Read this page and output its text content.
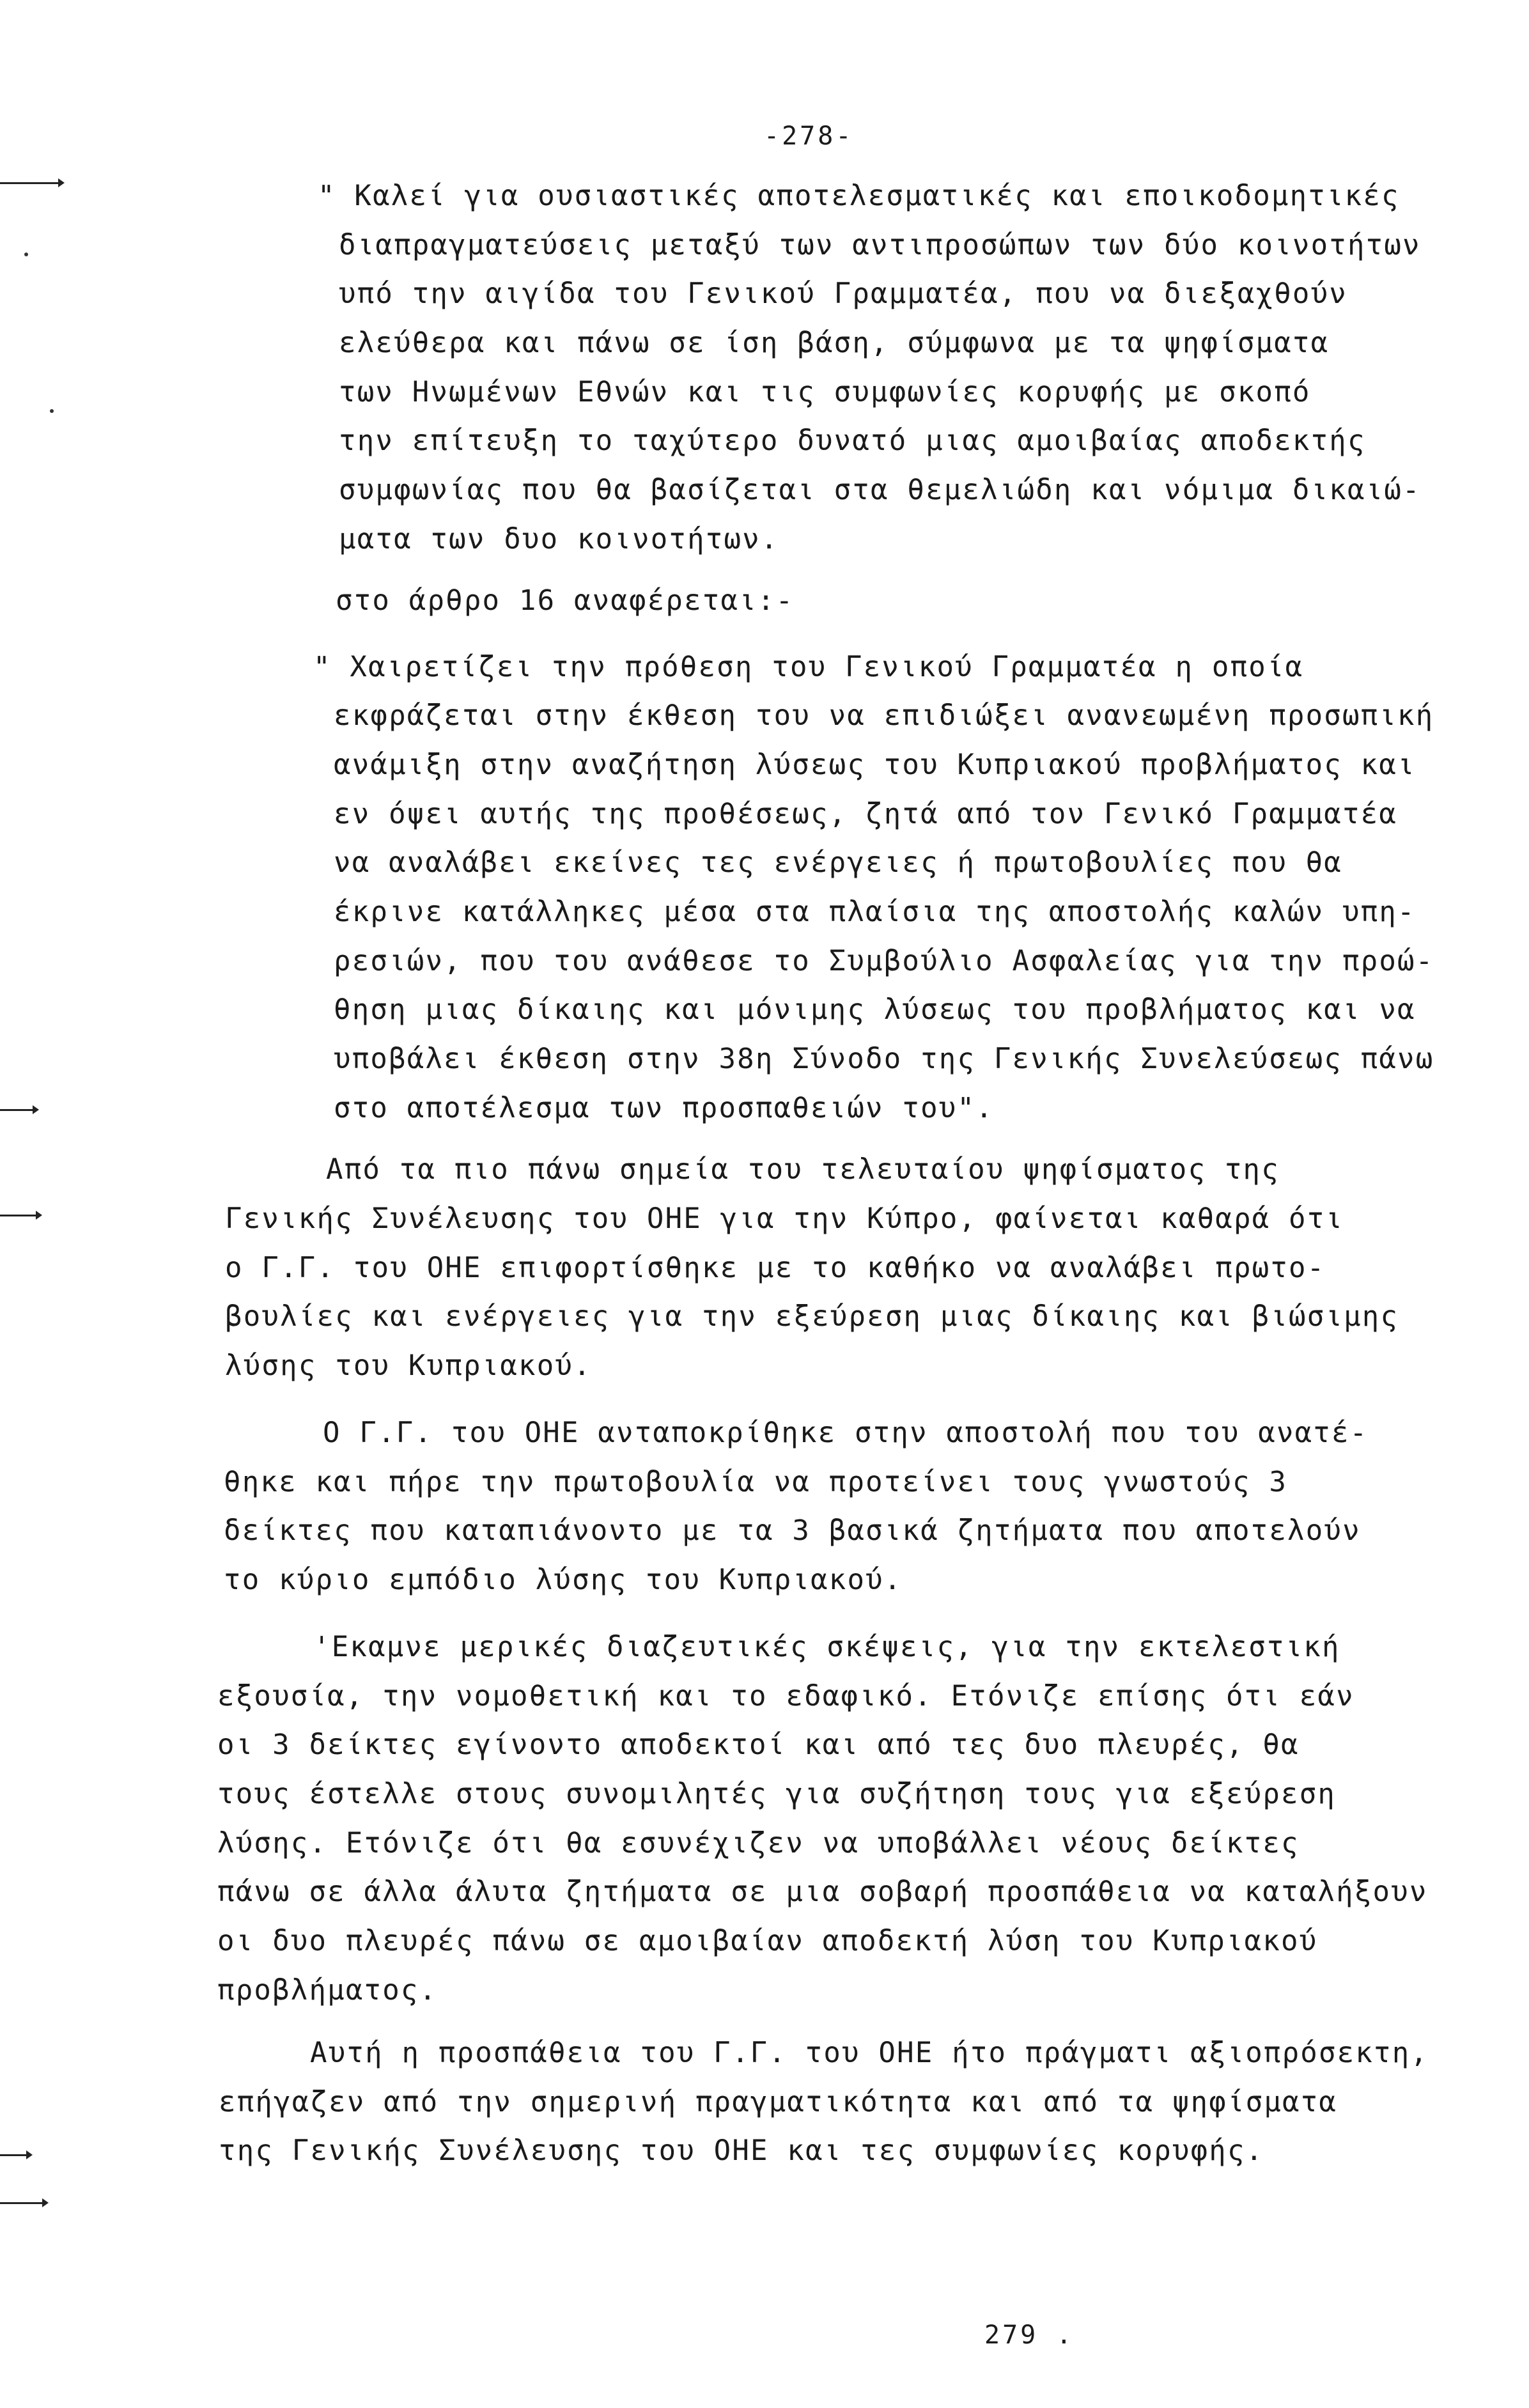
-278-
" Καλεί για ουσιαστικές αποτελεσματικές και εποικοδομητικές
διαπραγματεύσεις μεταξύ των αντιπροσώπων των δύο κοινοτήτων
υπό την αιγίδα του Γενικού Γραμματέα, που να διεξαχθούν
ελεύθερα και πάνω σε ίση βάση, σύμφωνα με τα ψηφίσματα
των Ηνωμένων Εθνών και τις συμφωνίες κορυφής με σκοπό
την επίτευξη το ταχύτερο δυνατό μιας αμοιβαίας αποδεκτής
συμφωνίας που θα βασίζεται στα θεμελιώδη και νόμιμα δικαιώ-
ματα των δυο κοινοτήτων.
στο άρθρο 16 αναφέρεται:-
" Χαιρετίζει την πρόθεση του Γενικού Γραμματέα η οποία
εκφράζεται στην έκθεση του να επιδιώξει ανανεωμένη προσωπική
ανάμιξη στην αναζήτηση λύσεως του Κυπριακού προβλήματος και
εν όψει αυτής της προθέσεως, ζητά από τον Γενικό Γραμματέα
να αναλάβει εκείνες τες ενέργειες ή πρωτοβουλίες που θα
έκρινε κατάλληκες μέσα στα πλαίσια της αποστολής καλών υπη-
ρεσιών, που του ανάθεσε το Συμβούλιο Ασφαλείας για την προώ-
θηση μιας δίκαιης και μόνιμης λύσεως του προβλήματος και να
υποβάλει έκθεση στην 38η Σύνοδο της Γενικής Συνελεύσεως πάνω
στο αποτέλεσμα των προσπαθειών του".
Από τα πιο πάνω σημεία του τελευταίου ψηφίσματος της
Γενικής Συνέλευσης του ΟΗΕ για την Κύπρο, φαίνεται καθαρά ότι
ο Γ.Γ. του ΟΗΕ επιφορτίσθηκε με το καθήκο να αναλάβει πρωτο-
βουλίες και ενέργειες για την εξεύρεση μιας δίκαιης και βιώσιμης
λύσης του Κυπριακού.
Ο Γ.Γ. του ΟΗΕ ανταποκρίθηκε στην αποστολή που του ανατέ-
θηκε και πήρε την πρωτοβουλία να προτείνει τους γνωστούς 3
δείκτες που καταπιάνοντο με τα 3 βασικά ζητήματα που αποτελούν
το κύριο εμπόδιο λύσης του Κυπριακού.
'Εκαμνε μερικές διαζευτικές σκέψεις, για την εκτελεστική
εξουσία, την νομοθετική και το εδαφικό. Ετόνιζε επίσης ότι εάν
οι 3 δείκτες εγίνοντο αποδεκτοί και από τες δυο πλευρές, θα
τους έστελλε στους συνομιλητές για συζήτηση τους για εξεύρεση
λύσης. Ετόνιζε ότι θα εσυνέχιζεν να υποβάλλει νέους δείκτες
πάνω σε άλλα άλυτα ζητήματα σε μια σοβαρή προσπάθεια να καταλήξουν
οι δυο πλευρές πάνω σε αμοιβαίαν αποδεκτή λύση του Κυπριακού
προβλήματος.
Αυτή η προσπάθεια του Γ.Γ. του ΟΗΕ ήτο πράγματι αξιοπρόσεκτη,
επήγαζεν από την σημερινή πραγματικότητα και από τα ψηφίσματα
της Γενικής Συνέλευσης του ΟΗΕ και τες συμφωνίες κορυφής.
279 .
